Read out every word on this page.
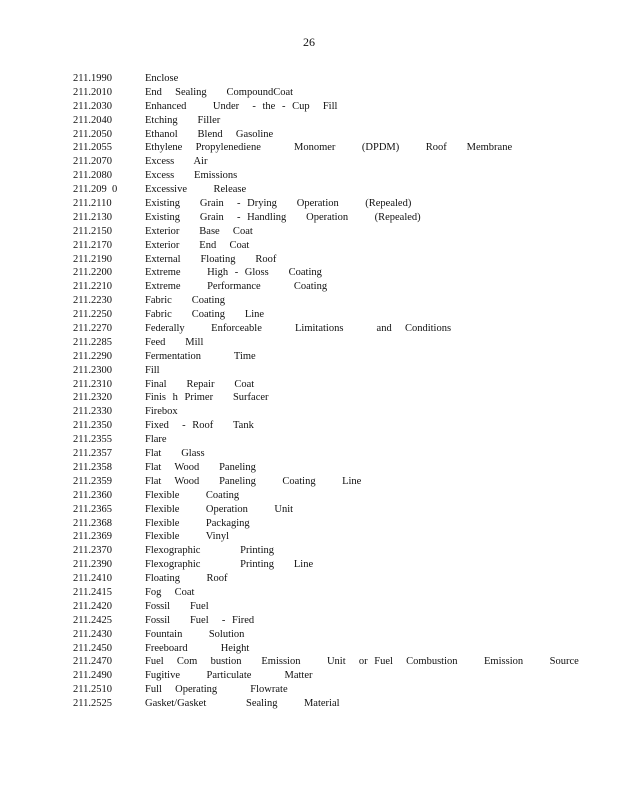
26
211.1990	Enclose
211.2010	End  Sealing   CompoundCoat
211.2030	Enhanced    Under  - the - Cup  Fill
211.2040	Etching   Filler
211.2050	Ethanol   Blend  Gasoline
211.2055	Ethylene  Propylenediene     Monomer    (DPDM)    Roof   Membrane
211.2070	Excess   Air
211.2080	Excess   Emissions
211.209  0	Excessive    Release
211.2110	Existing   Grain  - Drying   Operation    (Repealed)
211.2130	Existing   Grain  - Handling   Operation    (Repealed)
211.2150	Exterior   Base  Coat
211.2170	Exterior   End  Coat
211.2190	External   Floating   Roof
211.2200	Extreme    High - Gloss   Coating
211.2210	Extreme    Performance     Coating
211.2230	Fabric   Coating
211.2250	Fabric   Coating   Line
211.2270	Federally    Enforceable     Limitations     and  Conditions
211.2285	Feed   Mill
211.2290	Fermentation     Time
211.2300	Fill
211.2310	Final   Repair   Coat
211.2320	Finis h Primer   Surfacer
211.2330	Firebox
211.2350	Fixed  - Roof   Tank
211.2355	Flare
211.2357	Flat   Glass
211.2358	Flat  Wood   Paneling
211.2359	Flat  Wood   Paneling    Coating    Line
211.2360	Flexible    Coating
211.2365	Flexible    Operation    Unit
211.2368	Flexible    Packaging
211.2369	Flexible    Vinyl
211.2370	Flexographic      Printing
211.2390	Flexographic      Printing   Line
211.2410	Floating    Roof
211.2415	Fog  Coat
211.2420	Fossil   Fuel
211.2425	Fossil   Fuel  - Fired
211.2430	Fountain    Solution
211.2450	Freeboard     Height
211.2470	Fuel  Com  bustion   Emission    Unit  or Fuel  Combustion    Emission    Source
211.2490	Fugitive    Particulate     Matter
211.2510	Full  Operating     Flowrate
211.2525	Gasket/Gasket      Sealing    Material
